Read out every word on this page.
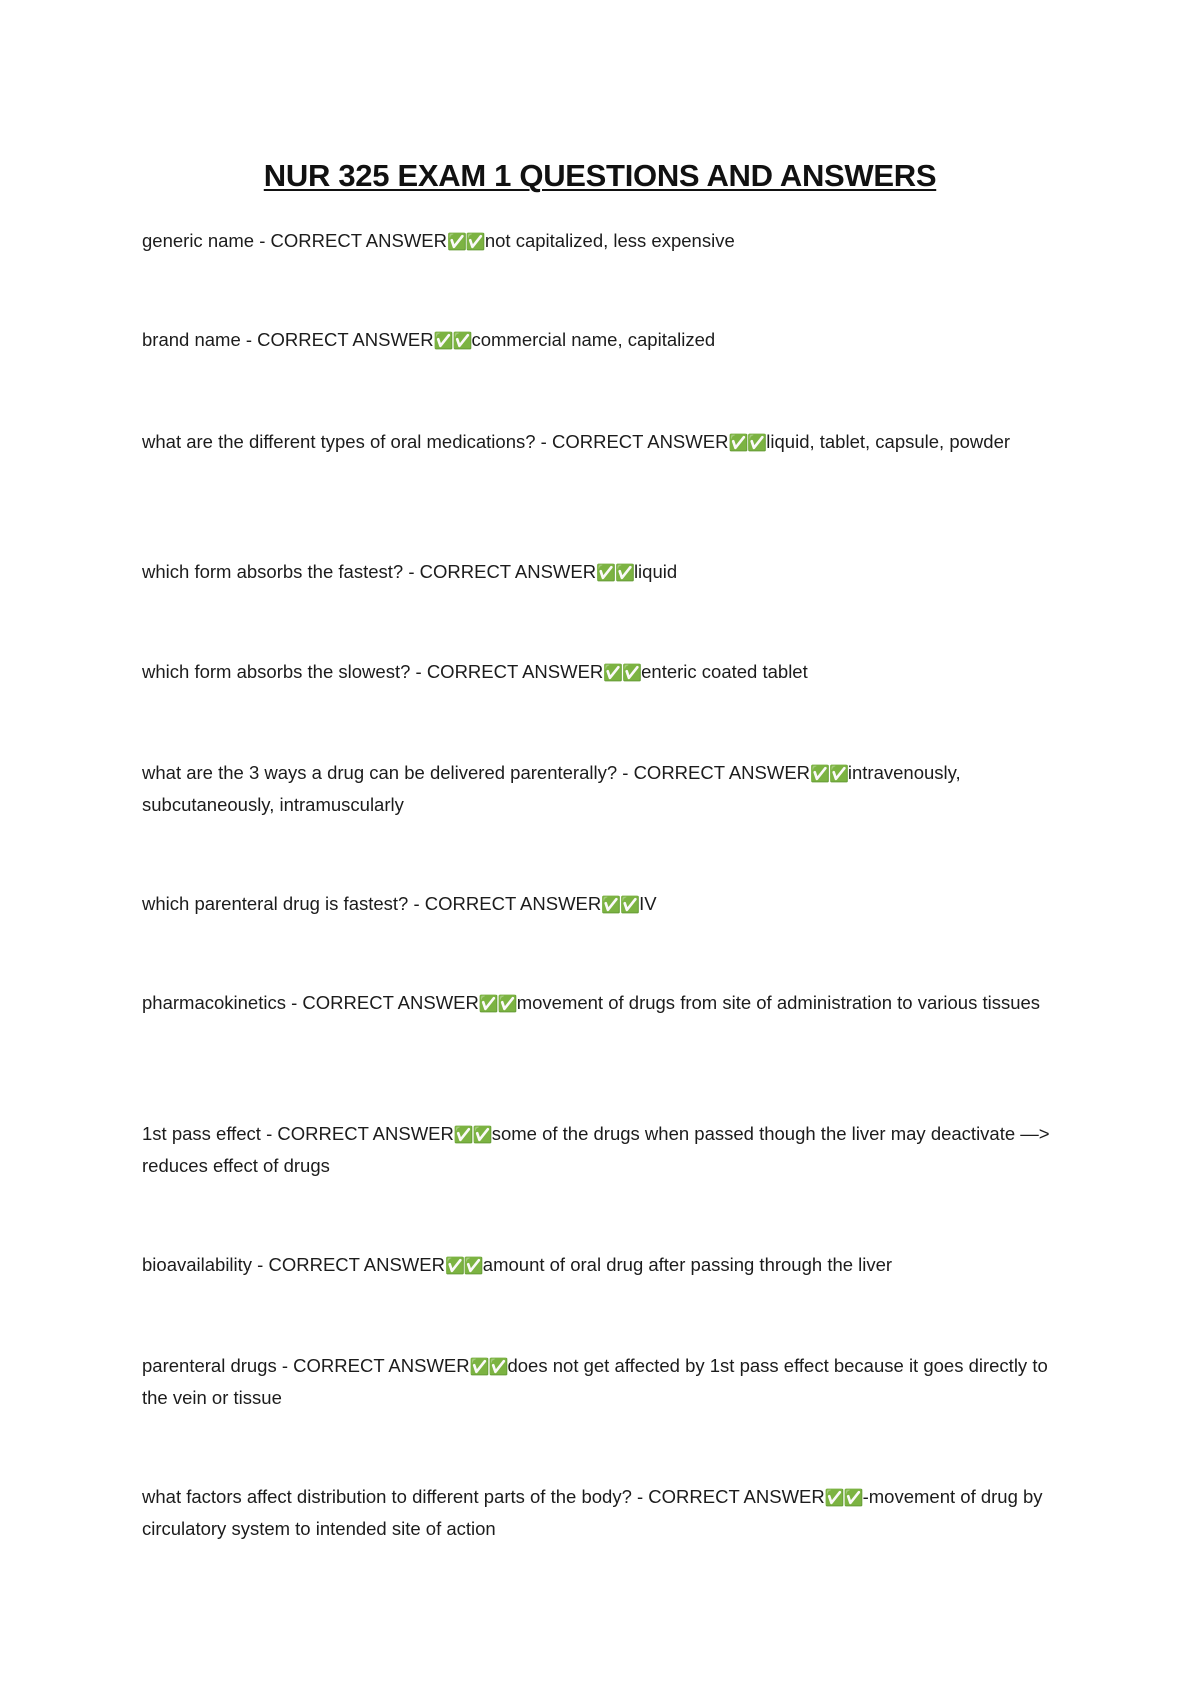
NUR 325 EXAM 1 QUESTIONS AND ANSWERS

generic name - CORRECT ANSWER✅✅not capitalized, less expensive

brand name - CORRECT ANSWER✅✅commercial name, capitalized

what are the different types of oral medications? - CORRECT ANSWER✅✅liquid, tablet, capsule, powder

which form absorbs the fastest? - CORRECT ANSWER✅✅liquid

which form absorbs the slowest? - CORRECT ANSWER✅✅enteric coated tablet

what are the 3 ways a drug can be delivered parenterally? - CORRECT ANSWER✅✅intravenously, subcutaneously, intramuscularly

which parenteral drug is fastest? - CORRECT ANSWER✅✅IV

pharmacokinetics - CORRECT ANSWER✅✅movement of drugs from site of administration to various tissues

1st pass effect - CORRECT ANSWER✅✅some of the drugs when passed though the liver may deactivate —> reduces effect of drugs

bioavailability - CORRECT ANSWER✅✅amount of oral drug after passing through the liver

parenteral drugs - CORRECT ANSWER✅✅does not get affected by 1st pass effect because it goes directly to the vein or tissue

what factors affect distribution to different parts of the body? - CORRECT ANSWER✅✅-movement of drug by circulatory system to intended site of action
